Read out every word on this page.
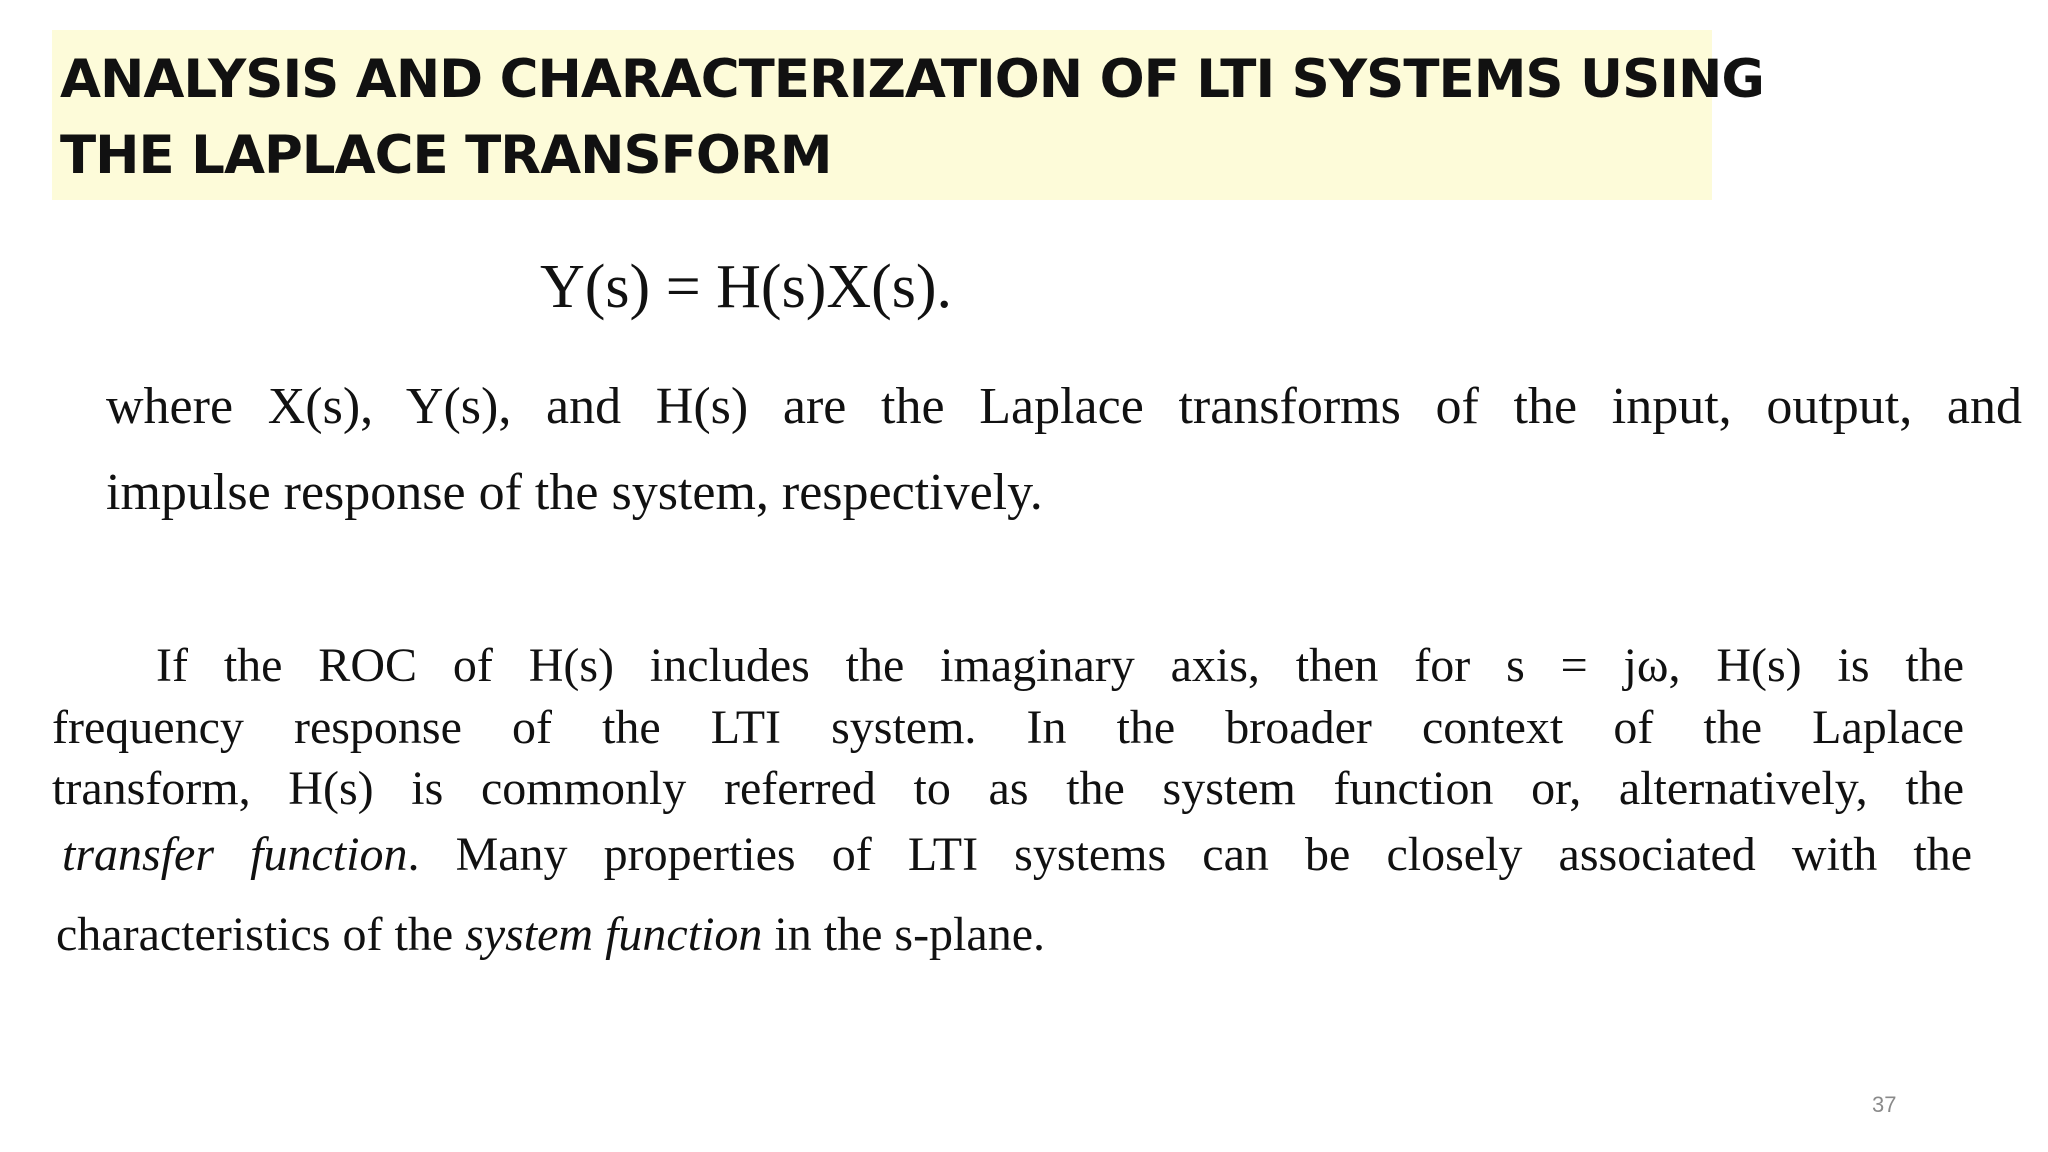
ANALYSIS AND CHARACTERIZATION OF LTI SYSTEMS USING
THE LAPLACE TRANSFORM
Y(s) = H(s)X(s).
where X(s), Y(s), and H(s) are the Laplace transforms of the input, output, and
impulse response of the system, respectively.
If the ROC of H(s) includes the imaginary axis, then for s = jω, H(s) is the
frequency response of the LTI system. In the broader context of the Laplace
transform, H(s) is commonly referred to as the system function or, alternatively, the
transfer function. Many properties of LTI systems can be closely associated with the
characteristics of the system function in the s-plane.
37
